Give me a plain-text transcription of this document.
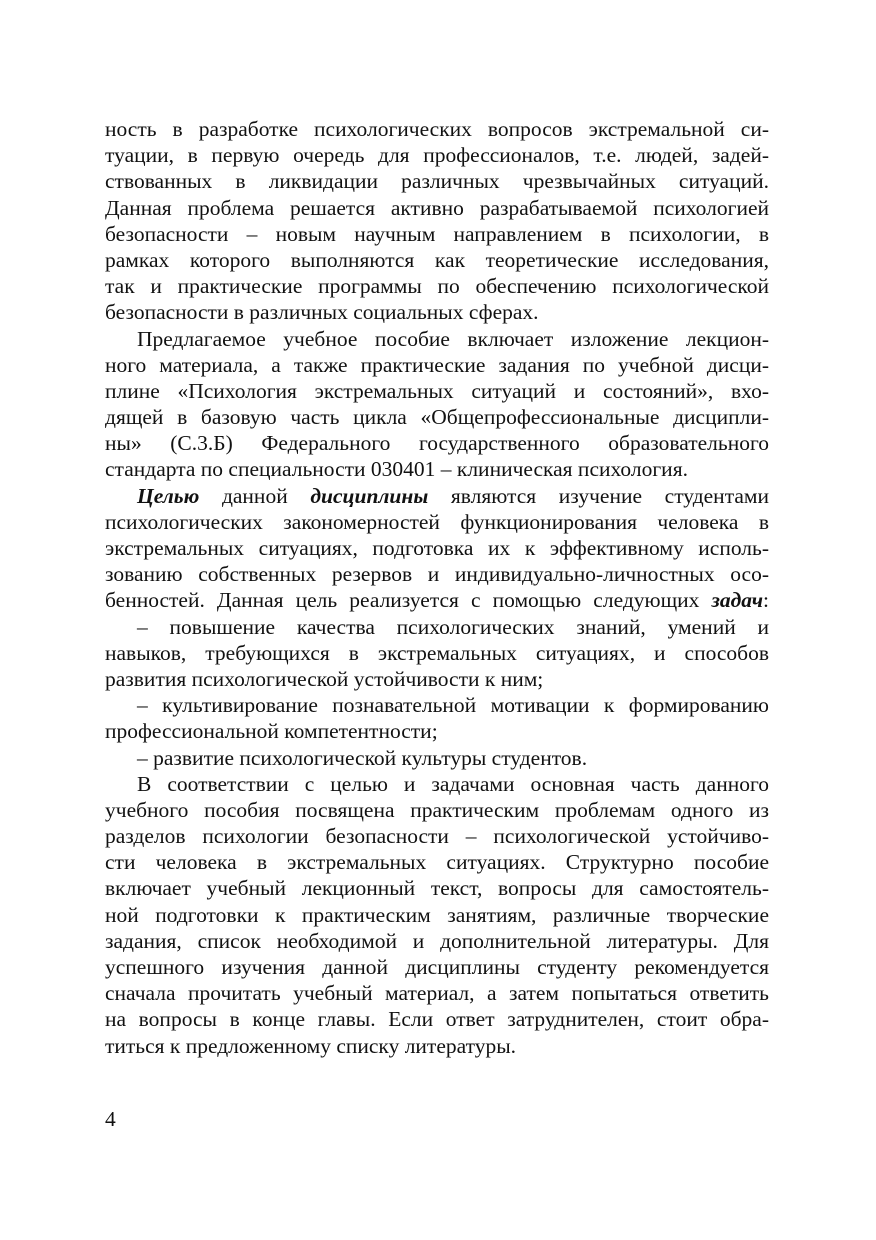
ность в разработке психологических вопросов экстремальной си-
туации, в первую очередь для профессионалов, т.е. людей, задей-
ствованных в ликвидации различных чрезвычайных ситуаций.
Данная проблема решается активно разрабатываемой психологией
безопасности – новым научным направлением в психологии, в
рамках которого выполняются как теоретические исследования,
так и практические программы по обеспечению психологической
безопасности в различных социальных сферах.
Предлагаемое учебное пособие включает изложение лекцион-
ного материала, а также практические задания по учебной дисци-
плине «Психология экстремальных ситуаций и состояний», вхо-
дящей в базовую часть цикла «Общепрофессиональные дисципли-
ны» (С.3.Б) Федерального государственного образовательного
стандарта по специальности 030401 – клиническая психология.
Целью данной дисциплины являются изучение студентами
психологических закономерностей функционирования человека в
экстремальных ситуациях, подготовка их к эффективному исполь-
зованию собственных резервов и индивидуально-личностных осо-
бенностей. Данная цель реализуется с помощью следующих задач:
– повышение качества психологических знаний, умений и
навыков, требующихся в экстремальных ситуациях, и способов
развития психологической устойчивости к ним;
– культивирование познавательной мотивации к формированию
профессиональной компетентности;
– развитие психологической культуры студентов.
В соответствии с целью и задачами основная часть данного
учебного пособия посвящена практическим проблемам одного из
разделов психологии безопасности – психологической устойчиво-
сти человека в экстремальных ситуациях. Структурно пособие
включает учебный лекционный текст, вопросы для самостоятель-
ной подготовки к практическим занятиям, различные творческие
задания, список необходимой и дополнительной литературы. Для
успешного изучения данной дисциплины студенту рекомендуется
сначала прочитать учебный материал, а затем попытаться ответить
на вопросы в конце главы. Если ответ затруднителен, стоит обра-
титься к предложенному списку литературы.
4
